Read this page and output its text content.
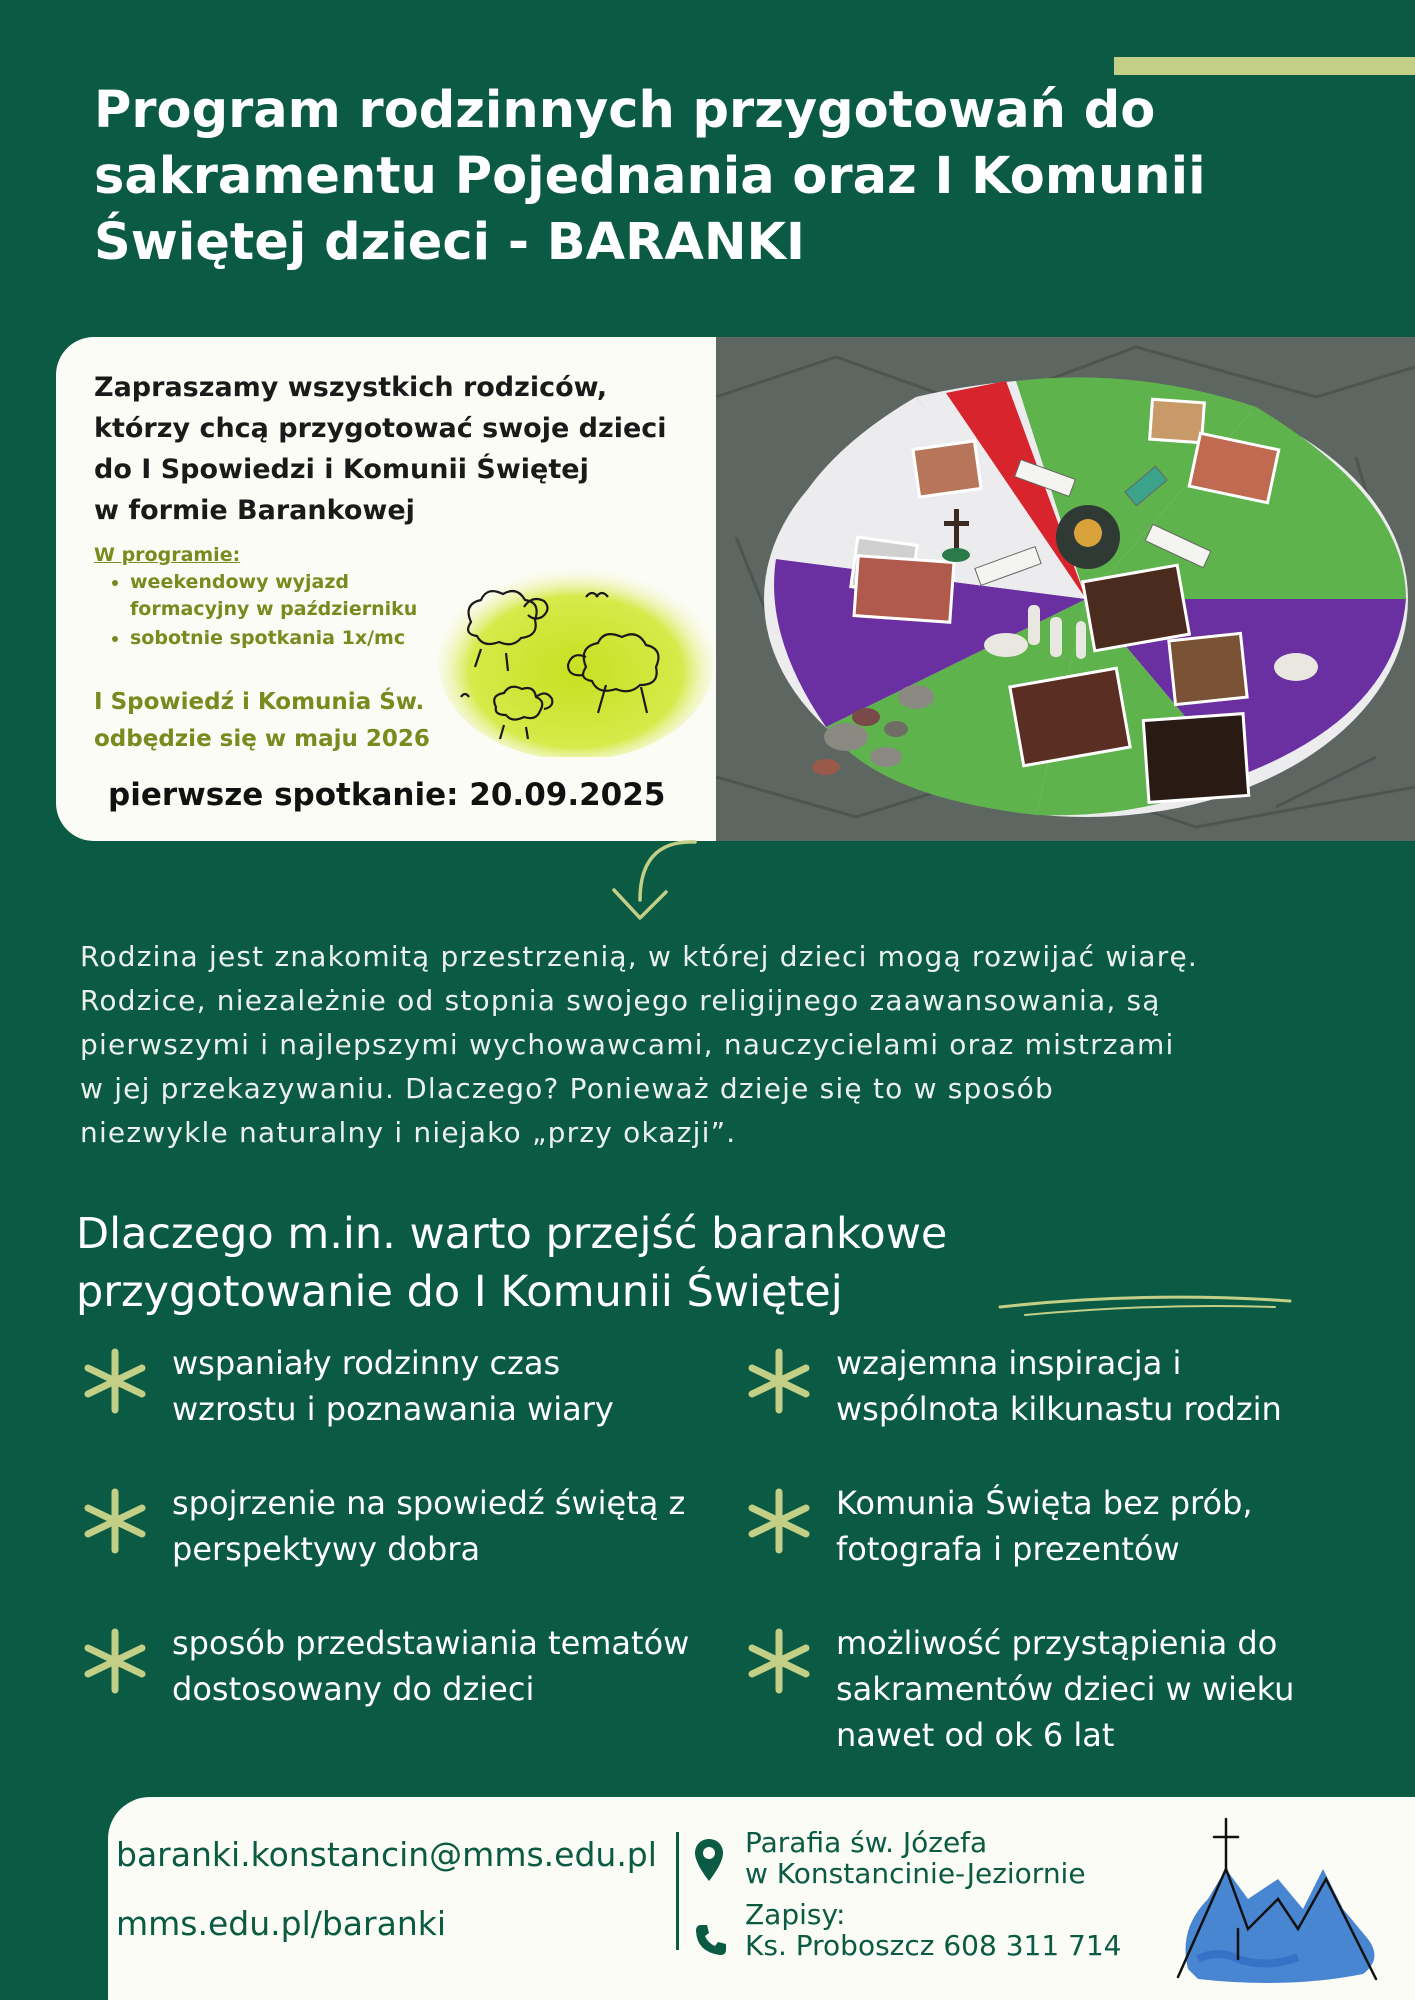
Program rodzinnych przygotowań do
sakramentu Pojednania oraz I Komunii
Świętej dzieci - BARANKI

Zapraszamy wszystkich rodziców,
którzy chcą przygotować swoje dzieci
do I Spowiedzi i Komunii Świętej
w formie Barankowej

W programie:
• weekendowy wyjazd formacyjny w październiku
• sobotnie spotkania 1x/mc

I Spowiedź i Komunia Św.
odbędzie się w maju 2026

pierwsze spotkanie: 20.09.2025

Rodzina jest znakomitą przestrzenią, w której dzieci mogą rozwijać wiarę.
Rodzice, niezależnie od stopnia swojego religijnego zaawansowania, są
pierwszymi i najlepszymi wychowawcami, nauczycielami oraz mistrzami
w jej przekazywaniu. Dlaczego? Ponieważ dzieje się to w sposób
niezwykle naturalny i niejako „przy okazji”.

Dlaczego m.in. warto przejść barankowe
przygotowanie do I Komunii Świętej
wspaniały rodzinny czas
wzrostu i poznawania wiary
wzajemna inspiracja i
wspólnota kilkunastu rodzin
spojrzenie na spowiedź świętą z
perspektywy dobra
Komunia Święta bez prób,
fotografa i prezentów
sposób przedstawiania tematów
dostosowany do dzieci
możliwość przystąpienia do
sakramentów dzieci w wieku
nawet od ok 6 lat
baranki.konstancin@mms.edu.pl
mms.edu.pl/baranki
Parafia św. Józefa
w Konstancinie-Jeziornie
Zapisy:
Ks. Proboszcz 608 311 714
